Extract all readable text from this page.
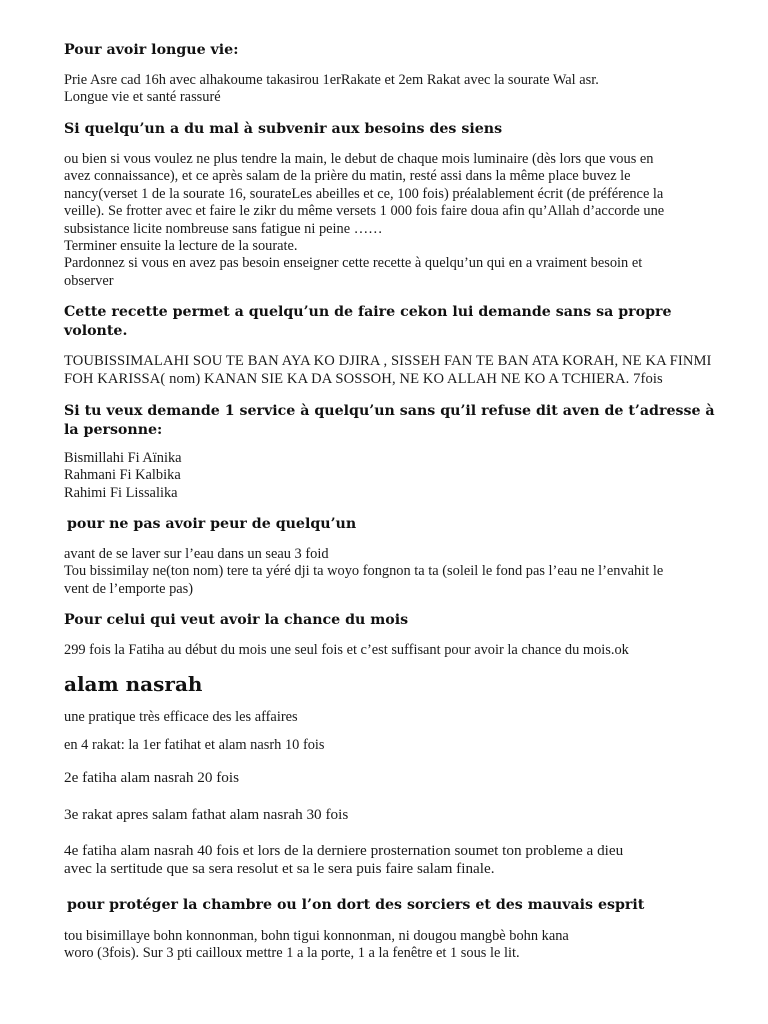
Pour avoir longue vie:
Prie Asre cad 16h avec alhakoume takasirou 1erRakate et 2em Rakat avec la sourate Wal asr.
Longue vie et santé rassuré
Si quelqu’un a du mal à subvenir aux besoins des siens
ou bien si vous voulez ne plus tendre la main, le debut de chaque mois luminaire (dès lors que vous en
avez connaissance), et ce après salam de la prière du matin, resté assi dans la même place buvez le
nancy(verset 1 de la sourate 16, sourateLes abeilles et ce, 100 fois) préalablement écrit (de préférence la
veille). Se frotter avec et faire le zikr du même versets 1 000 fois faire doua afin qu’Allah d’accorde une
subsistance licite nombreuse sans fatigue ni peine ……
Terminer ensuite la lecture de la sourate.
Pardonnez si vous en avez pas besoin enseigner cette recette à quelqu’un qui en a vraiment besoin et
observer
Cette recette permet a quelqu’un de faire cekon lui demande sans sa propre
volonte.
TOUBISSIMALAHI SOU TE BAN AYA KO DJIRA , SISSEH FAN TE BAN ATA KORAH, NE KA FINMI
FOH KARISSA( nom) KANAN SIE KA DA SOSSOH, NE KO ALLAH NE KO A TCHIERA. 7fois
Si tu veux demande 1 service à quelqu’un sans qu’il refuse dit aven de t’adresse à
la personne:
Bismillahi Fi Aïnika
Rahmani Fi Kalbika
Rahimi Fi Lissalika
pour ne pas avoir peur de quelqu’un
avant de se laver sur l’eau dans un seau 3 foid
Tou bissimilay ne(ton nom) tere ta yéré dji ta woyo fongnon ta ta (soleil le fond pas l’eau ne l’envahit le
vent de l’emporte pas)
Pour celui qui veut avoir la chance du mois
299 fois la Fatiha au début du mois une seul fois et c’est suffisant pour avoir la chance du mois.ok
alam nasrah
une pratique très efficace des les affaires
en 4 rakat: la 1er fatihat et alam nasrh 10 fois
2e fatiha alam nasrah 20 fois
3e rakat apres salam fathat alam nasrah 30 fois
4e fatiha alam nasrah 40 fois et lors de la derniere prosternation soumet ton probleme a dieu
avec la sertitude que sa sera resolut et sa le sera puis faire salam finale.
pour protéger la chambre ou l’on dort des sorciers et des mauvais esprit
tou bisimillaye bohn konnonman, bohn tigui konnonman, ni dougou mangbè bohn kana
woro (3fois). Sur 3 pti cailloux mettre 1 a la porte, 1 a la fenêtre et 1 sous le lit.
